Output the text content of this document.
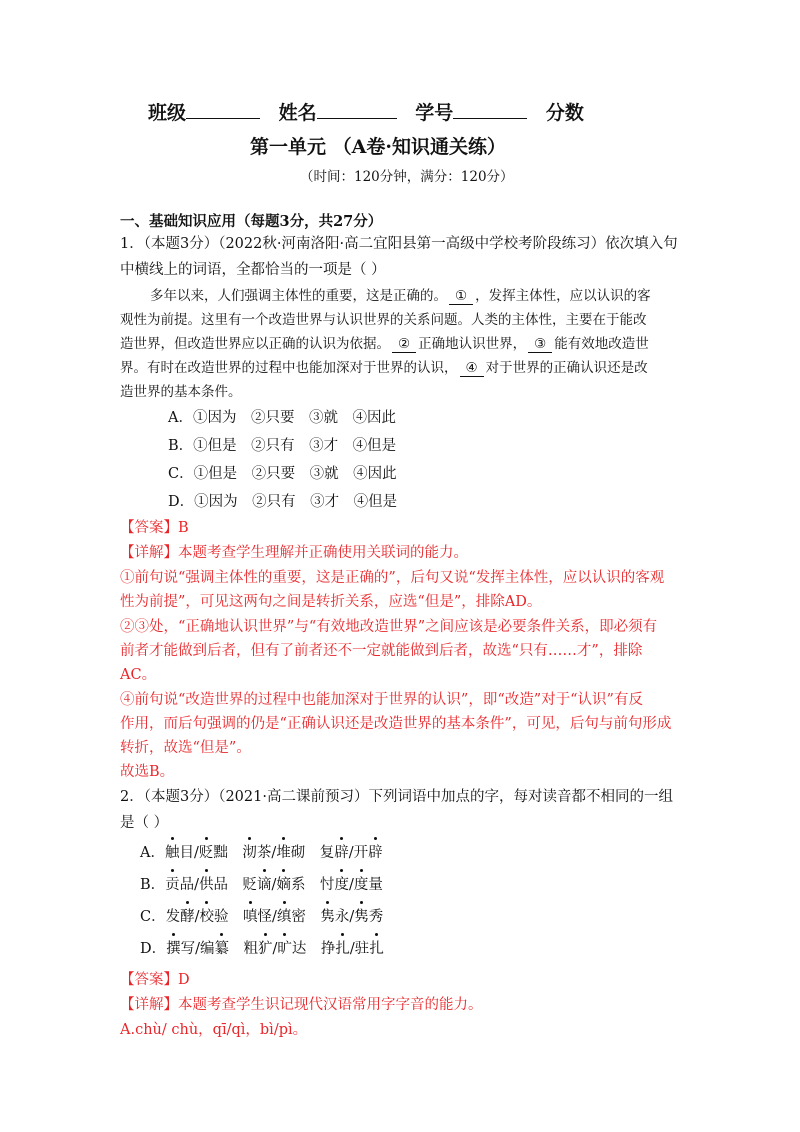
班级	姓名	学号	分数
第一单元 （A卷·知识通关练）
（时间：120分钟，满分：120分）
一、基础知识应用（每题3分，共27分）
1．（本题3分）（2022秋·河南洛阳·高二宜阳县第一高级中学校考阶段练习）依次填入句
中横线上的词语，全都恰当的一项是（ ）
多年以来，人们强调主体性的重要，这是正确的。 ① ，发挥主体性，应以认识的客
观性为前提。这里有一个改造世界与认识世界的关系问题。人类的主体性，主要在于能改
造世界，但改造世界应以正确的认识为依据。 ② 正确地认识世界， ③ 能有效地改造世
界。有时在改造世界的过程中也能加深对于世界的认识， ④ 对于世界的正确认识还是改
造世界的基本条件。
A．①因为　②只要　③就　④因此
B．①但是　②只有　③才　④但是
C．①但是　②只要　③就　④因此
D．①因为　②只有　③才　④但是
【答案】B
【详解】本题考查学生理解并正确使用关联词的能力。
①前句说“强调主体性的重要，这是正确的”，后句又说“发挥主体性，应以认识的客观
性为前提”，可见这两句之间是转折关系，应选“但是”，排除AD。
②③处，“正确地认识世界”与“有效地改造世界”之间应该是必要条件关系，即必须有
前者才能做到后者，但有了前者还不一定就能做到后者，故选“只有……才”，排除
AC。
④前句说“改造世界的过程中也能加深对于世界的认识”，即“改造”对于“认识”有反
作用，而后句强调的仍是“正确认识还是改造世界的基本条件”，可见，后句与前句形成
转折，故选“但是”。
故选B。
2．（本题3分）（2021·高二课前预习）下列词语中加点的字，每对读音都不相同的一组
是（ ）
A．触目/贬黜　沏茶/堆砌　复辟/开辟
B．贡品/供品　贬谪/嫡系　忖度/度量
C．发酵/校验　嗔怪/缜密　隽永/隽秀
D．撰写/编纂　粗犷/旷达　挣扎/驻扎
【答案】D
【详解】本题考查学生识记现代汉语常用字字音的能力。
A.chù/ chù，qī/qì，bì/pì。
